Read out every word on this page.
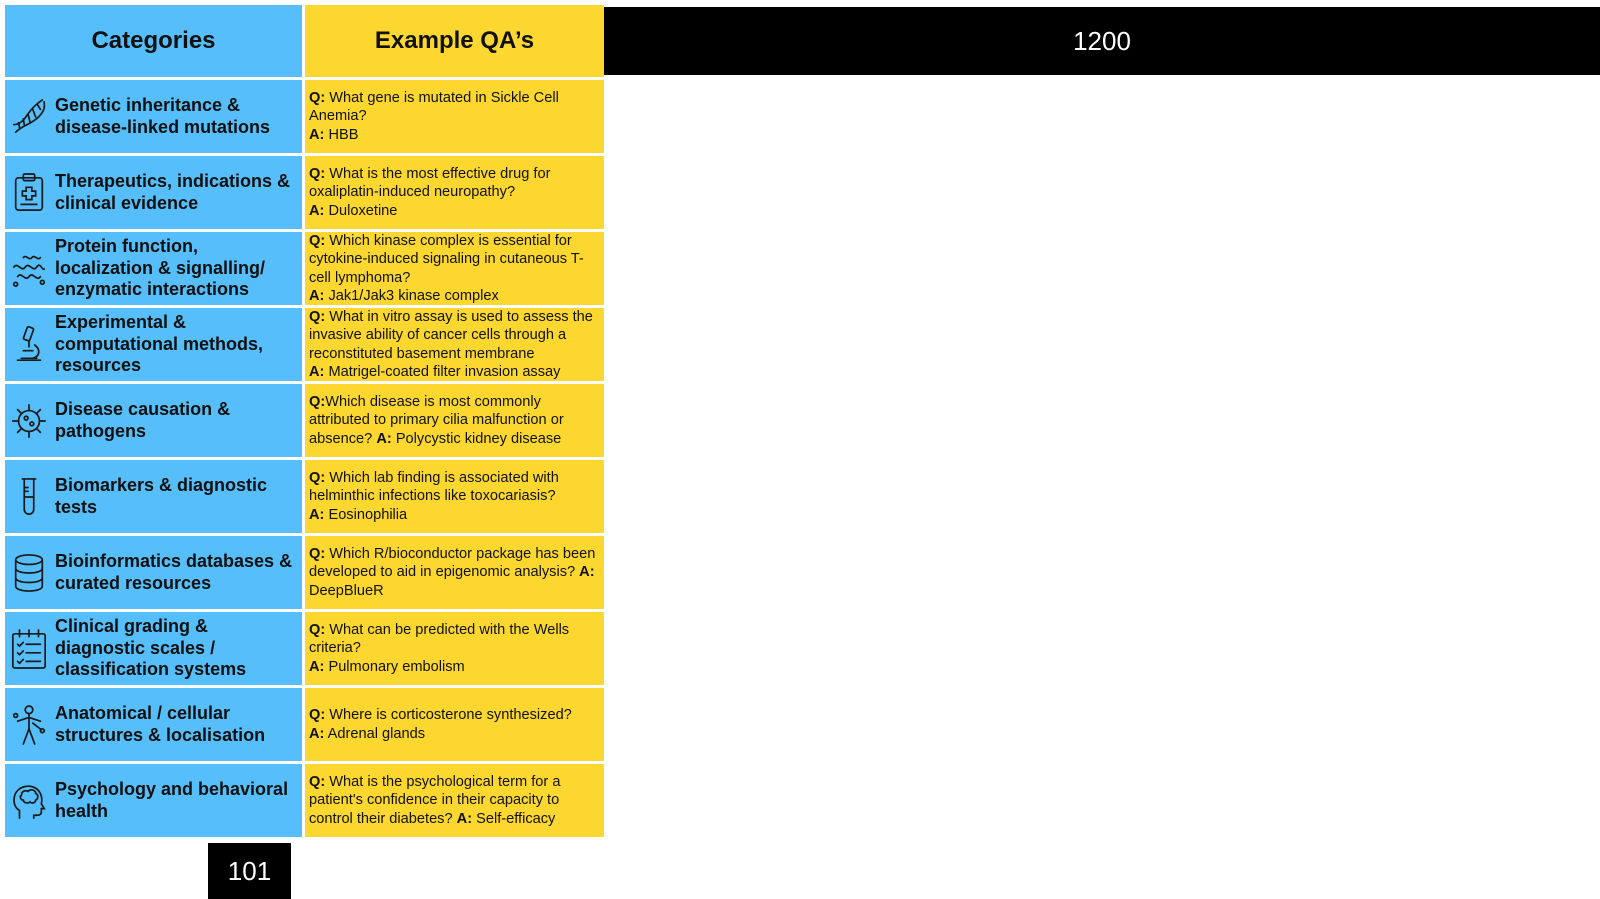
Categories	Example QA’s
Genetic inheritance & disease-linked mutations
Q: What gene is mutated in Sickle Cell Anemia?
A: HBB
Therapeutics, indications & clinical evidence
Q: What is the most effective drug for oxaliplatin-induced neuropathy?
A: Duloxetine
Protein function, localization & signalling/ enzymatic interactions
Q: Which kinase complex is essential for cytokine-induced signaling in cutaneous T-cell lymphoma?
A: Jak1/Jak3 kinase complex
Experimental & computational methods, resources
Q: What in vitro assay is used to assess the invasive ability of cancer cells through a reconstituted basement membrane
A: Matrigel-coated filter invasion assay
Disease causation & pathogens
Q:Which disease is most commonly attributed to primary cilia malfunction or absence? A: Polycystic kidney disease
Biomarkers & diagnostic tests
Q: Which lab finding is associated with helminthic infections like toxocariasis?
A: Eosinophilia
Bioinformatics databases & curated resources
Q: Which R/bioconductor package has been developed to aid in epigenomic analysis? A: DeepBlueR
Clinical grading & diagnostic scales / classification systems
Q: What can be predicted with the Wells criteria?
A: Pulmonary embolism
Anatomical / cellular structures & localisation
Q: Where is corticosterone synthesized?
A: Adrenal glands
Psychology and behavioral health
Q: What is the psychological term for a patient's confidence in their capacity to control their diabetes? A: Self-efficacy
1200
101
